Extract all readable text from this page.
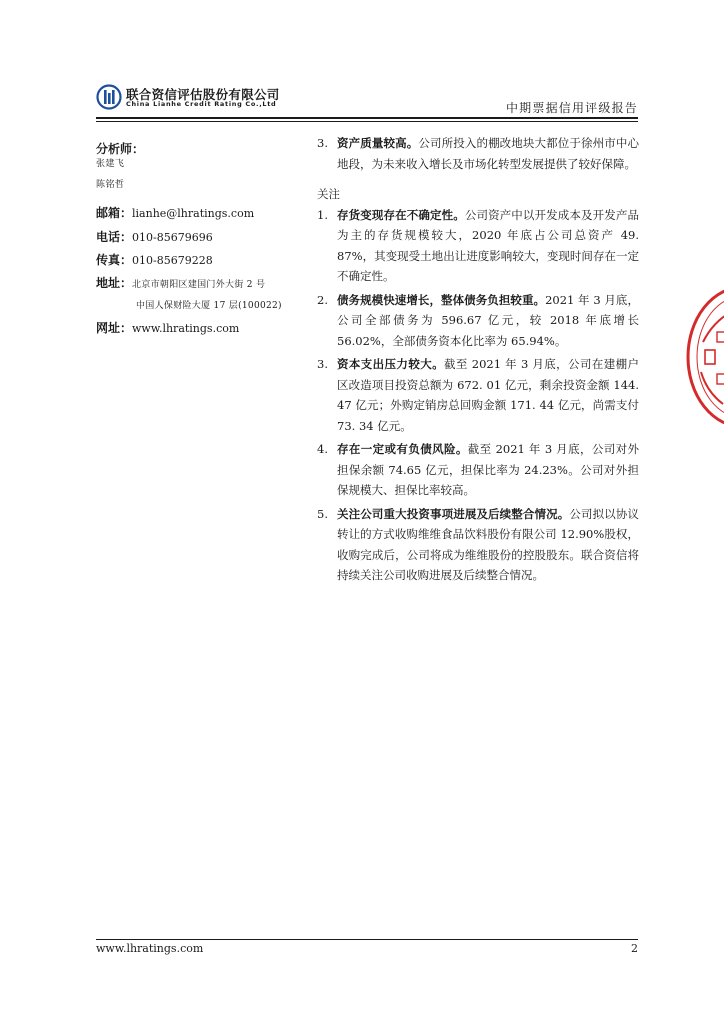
联合资信评估股份有限公司
China Lianhe Credit Rating Co.,Ltd	中期票据信用评级报告
分析师：
张建飞
陈铭哲
邮箱：lianhe@lhratings.com
电话：010-85679696
传真：010-85679228
地址：北京市朝阳区建国门外大街 2 号
中国人保财险大厦 17 层(100022)
网址：www.lhratings.com
3. 资产质量较高。公司所投入的棚改地块大都位于徐州市中心地段，为未来收入增长及市场化转型发展提供了较好保障。
关注
1. 存货变现存在不确定性。公司资产中以开发成本及开发产品为主的存货规模较大，2020 年底占公司总资产 49. 87%，其变现受土地出让进度影响较大，变现时间存在一定不确定性。
2. 债务规模快速增长，整体债务负担较重。2021 年 3 月底，公司全部债务为 596.67 亿元，较 2018 年底增长 56.02%，全部债务资本化比率为 65.94%。
3. 资本支出压力较大。截至 2021 年 3 月底，公司在建棚户区改造项目投资总额为 672. 01 亿元，剩余投资金额 144. 47 亿元；外购定销房总回购金额 171. 44 亿元，尚需支付 73. 34 亿元。
4. 存在一定或有负债风险。截至 2021 年 3 月底，公司对外担保余额 74.65 亿元，担保比率为 24.23%。公司对外担保规模大、担保比率较高。
5. 关注公司重大投资事项进展及后续整合情况。公司拟以协议转让的方式收购维维食品饮料股份有限公司 12.90%股权，收购完成后，公司将成为维维股份的控股股东。联合资信将持续关注公司收购进展及后续整合情况。
www.lhratings.com	2
